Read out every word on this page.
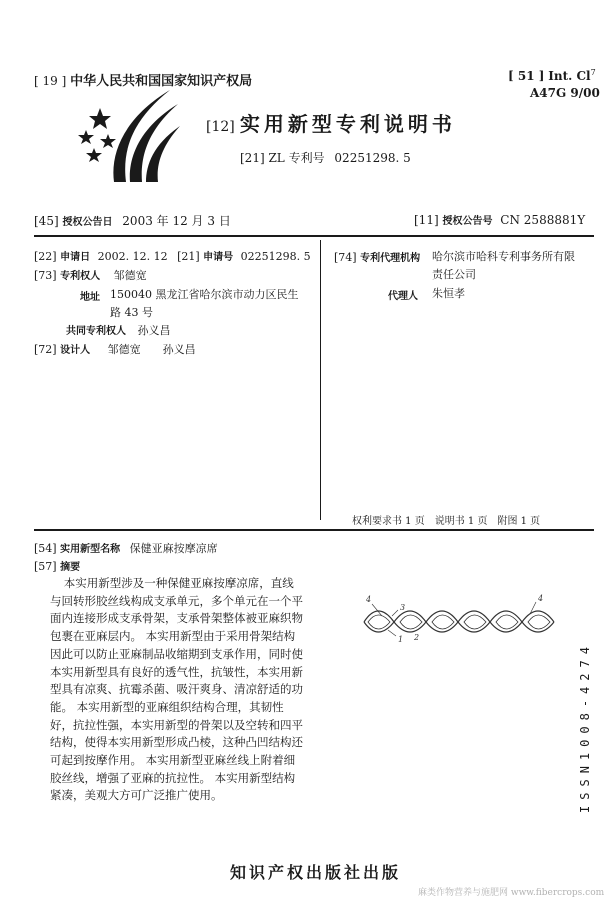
[ 19 ] 中华人民共和国国家知识产权局	[ 51 ] Int. Cl$^7$
A47G 9/00
[12] 实用新型专利说明书
[21] ZL 专利号 02251298. 5
[45] 授权公告日 2003 年 12 月 3 日	[11] 授权公告号 CN 2588881Y
[22] 申请日 2002. 12. 12 [21] 申请号 02251298. 5
[73] 专利权人 邹德宽
地址 150040 黑龙江省哈尔滨市动力区民生
路 43 号
共同专利权人 孙义昌
[72] 设计人 邹德宽　　孙义昌
[74] 专利代理机构 哈尔滨市哈科专利事务所有限
责任公司
代理人 朱恒孝
权利要求书 1 页　说明书 1 页　附图 1 页
[54] 实用新型名称 保健亚麻按摩凉席
[57] 摘要

本实用新型涉及一种保健亚麻按摩凉席，直线

与回转形胶丝线构成支承单元，多个单元在一个平

面内连接形成支承骨架，支承骨架整体被亚麻织物

包裹在亚麻层内。 本实用新型由于采用骨架结构

因此可以防止亚麻制品收缩期到支承作用，同时使

本实用新型具有良好的透气性，抗皱性，本实用新

型具有凉爽、抗霉杀菌、吸汗爽身、清凉舒适的功

能。 本实用新型的亚麻组织结构合理，其韧性

好，抗拉性强，本实用新型的骨架以及空转和四平

结构，使得本实用新型形成凸棱，这种凸凹结构还

可起到按摩作用。 本实用新型亚麻丝线上附着细

胶丝线，增强了亚麻的抗拉性。 本实用新型结构

紧凑，美观大方可广泛推广使用。

4
3
1
4
2
ISSN1008-4274
知识产权出版社出版
麻类作物营养与施肥网 www.fibercrops.com
